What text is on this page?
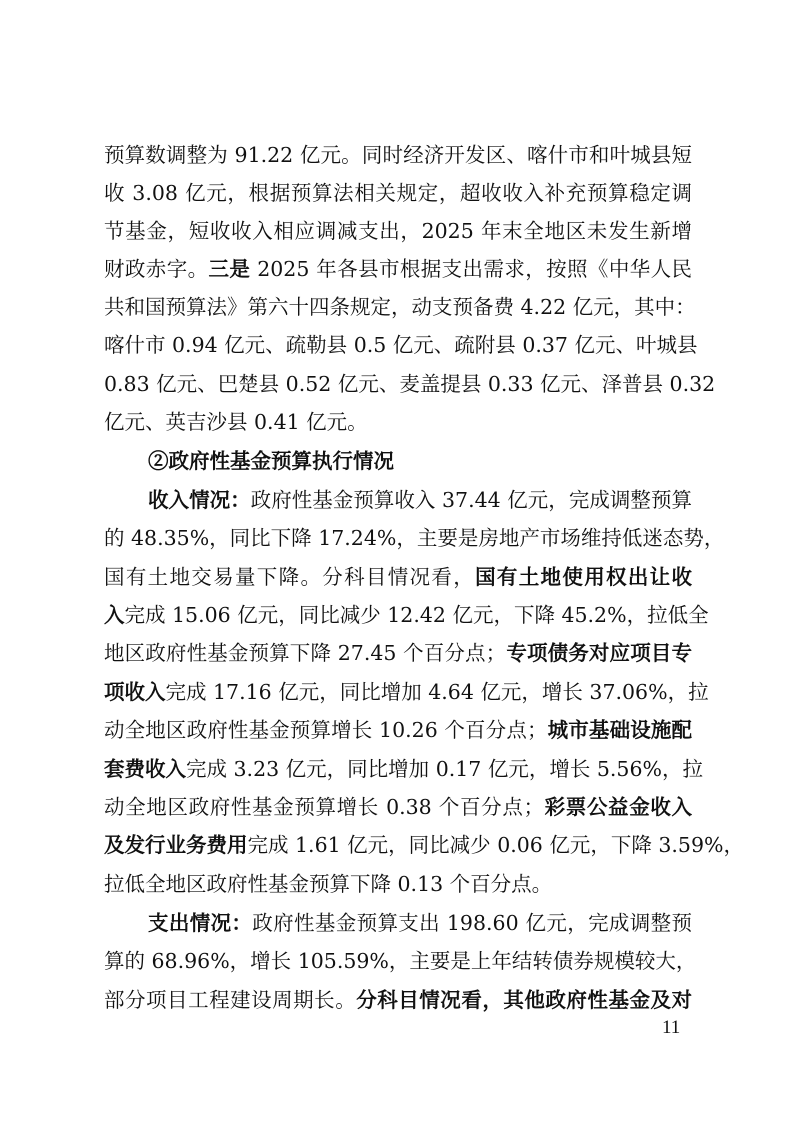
预算数调整为 91.22 亿元。同时经济开发区、喀什市和叶城县短
收 3.08 亿元，根据预算法相关规定，超收收入补充预算稳定调
节基金，短收收入相应调减支出，2025 年末全地区未发生新增
财政赤字。三是 2025 年各县市根据支出需求，按照《中华人民
共和国预算法》第六十四条规定，动支预备费 4.22 亿元，其中：
喀什市 0.94 亿元、疏勒县 0.5 亿元、疏附县 0.37 亿元、叶城县
0.83 亿元、巴楚县 0.52 亿元、麦盖提县 0.33 亿元、泽普县 0.32
亿元、英吉沙县 0.41 亿元。
②政府性基金预算执行情况
收入情况：政府性基金预算收入 37.44 亿元，完成调整预算
的 48.35%，同比下降 17.24%，主要是房地产市场维持低迷态势，
国有土地交易量下降。分科目情况看，国有土地使用权出让收
入完成 15.06 亿元，同比减少 12.42 亿元，下降 45.2%，拉低全
地区政府性基金预算下降 27.45 个百分点；专项债务对应项目专
项收入完成 17.16 亿元，同比增加 4.64 亿元，增长 37.06%，拉
动全地区政府性基金预算增长 10.26 个百分点；城市基础设施配
套费收入完成 3.23 亿元，同比增加 0.17 亿元，增长 5.56%，拉
动全地区政府性基金预算增长 0.38 个百分点；彩票公益金收入
及发行业务费用完成 1.61 亿元，同比减少 0.06 亿元，下降 3.59%，
拉低全地区政府性基金预算下降 0.13 个百分点。
支出情况：政府性基金预算支出 198.60 亿元，完成调整预
算的 68.96%，增长 105.59%，主要是上年结转债券规模较大，
部分项目工程建设周期长。分科目情况看，其他政府性基金及对
11
